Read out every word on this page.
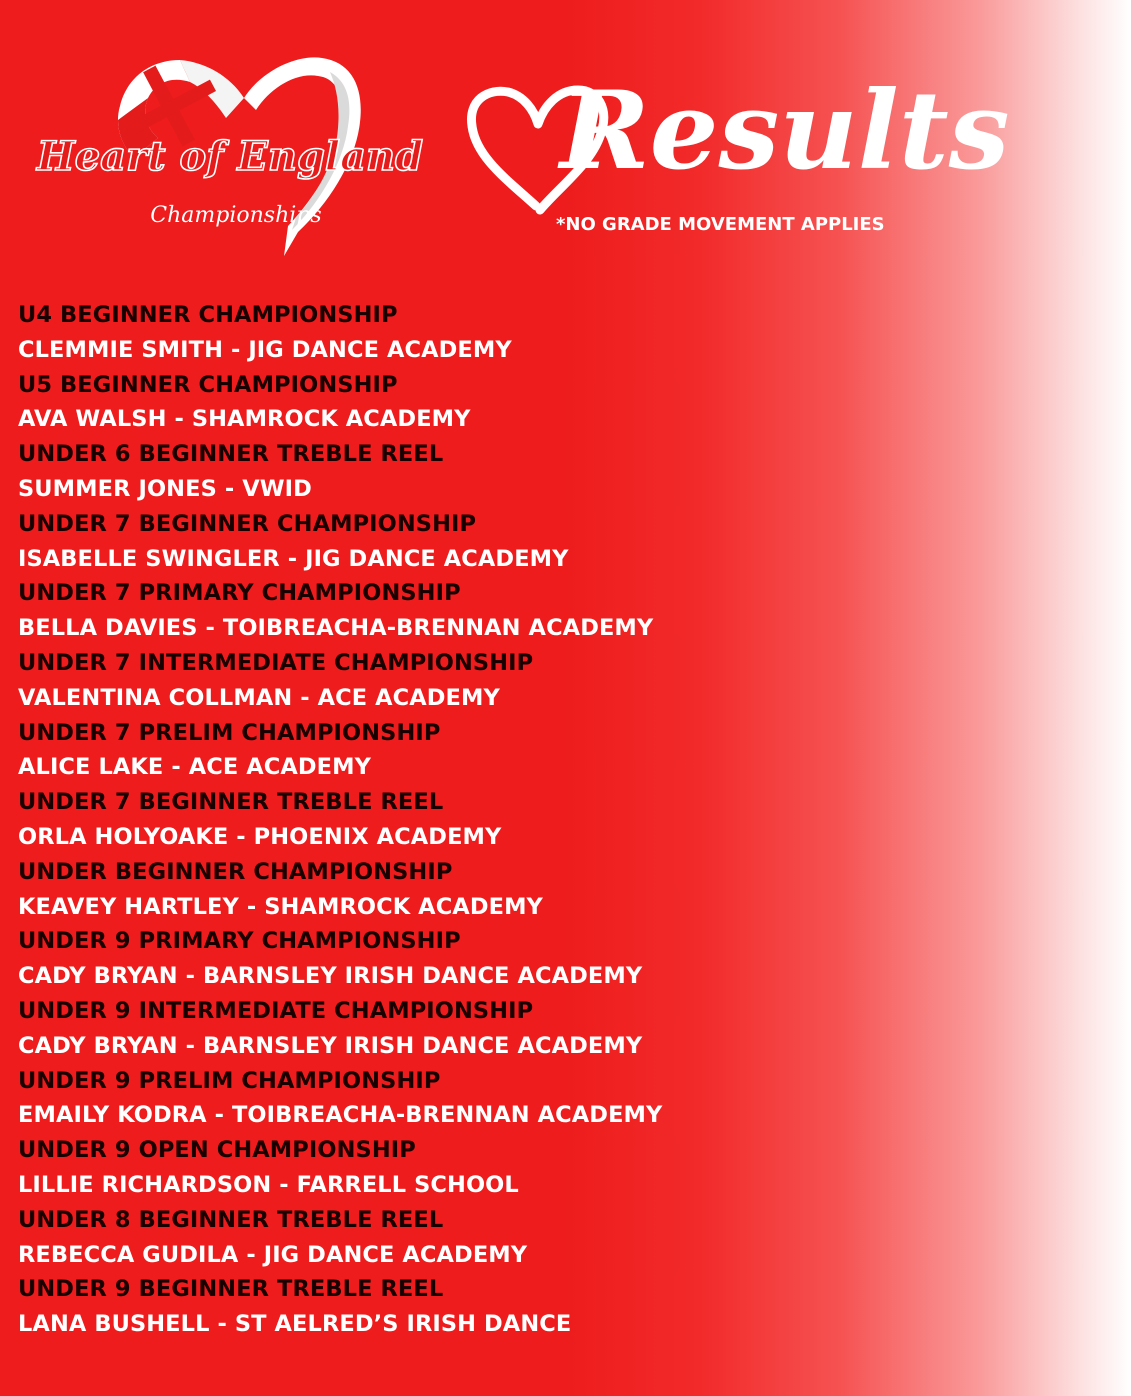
Heart of England
Championships
Results
*NO GRADE MOVEMENT APPLIES
U4 BEGINNER CHAMPIONSHIP
CLEMMIE SMITH - JIG DANCE ACADEMY
U5 BEGINNER CHAMPIONSHIP
AVA WALSH - SHAMROCK ACADEMY
UNDER 6 BEGINNER TREBLE REEL
SUMMER JONES - VWID
UNDER 7 BEGINNER CHAMPIONSHIP
ISABELLE SWINGLER - JIG DANCE ACADEMY
UNDER 7 PRIMARY CHAMPIONSHIP
BELLA DAVIES - TOIBREACHA-BRENNAN ACADEMY
UNDER 7 INTERMEDIATE CHAMPIONSHIP
VALENTINA COLLMAN - ACE ACADEMY
UNDER 7 PRELIM CHAMPIONSHIP
ALICE LAKE - ACE ACADEMY
UNDER 7 BEGINNER TREBLE REEL
ORLA HOLYOAKE - PHOENIX ACADEMY
UNDER BEGINNER CHAMPIONSHIP
KEAVEY HARTLEY - SHAMROCK ACADEMY
UNDER 9 PRIMARY CHAMPIONSHIP
CADY BRYAN - BARNSLEY IRISH DANCE ACADEMY
UNDER 9 INTERMEDIATE CHAMPIONSHIP
CADY BRYAN - BARNSLEY IRISH DANCE ACADEMY
UNDER 9 PRELIM CHAMPIONSHIP
EMAILY KODRA - TOIBREACHA-BRENNAN ACADEMY
UNDER 9 OPEN CHAMPIONSHIP
LILLIE RICHARDSON - FARRELL SCHOOL
UNDER 8 BEGINNER TREBLE REEL
REBECCA GUDILA - JIG DANCE ACADEMY
UNDER 9 BEGINNER TREBLE REEL
LANA BUSHELL - ST AELRED’S IRISH DANCE
